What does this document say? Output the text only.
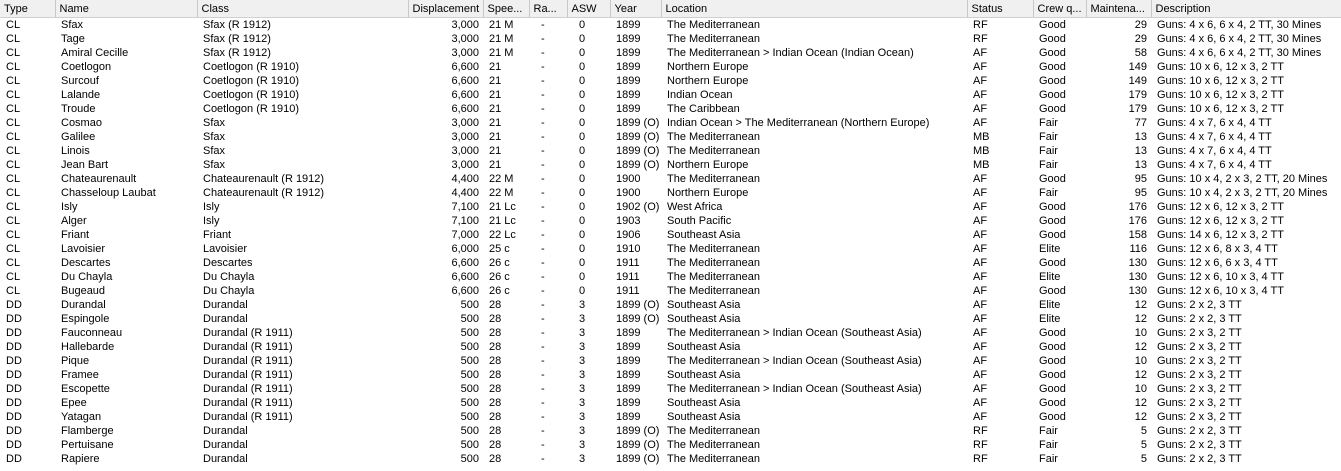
Type	Name	Class	Displacement	Spee...	Ra...	ASW	Year	Location	Status	Crew q...	Maintena...	Description
CL	Sfax	Sfax (R 1912)	3,000	21 M	-	0	1899	The Mediterranean	RF	Good	29	Guns: 4 x 6, 6 x 4, 2 TT, 30 Mines
CL	Tage	Sfax (R 1912)	3,000	21 M	-	0	1899	The Mediterranean	RF	Good	29	Guns: 4 x 6, 6 x 4, 2 TT, 30 Mines
CL	Amiral Cecille	Sfax (R 1912)	3,000	21 M	-	0	1899	The Mediterranean > Indian Ocean (Indian Ocean)	AF	Good	58	Guns: 4 x 6, 6 x 4, 2 TT, 30 Mines
CL	Coetlogon	Coetlogon (R 1910)	6,600	21	-	0	1899	Northern Europe	AF	Good	149	Guns: 10 x 6, 12 x 3, 2 TT
CL	Surcouf	Coetlogon (R 1910)	6,600	21	-	0	1899	Northern Europe	AF	Good	149	Guns: 10 x 6, 12 x 3, 2 TT
CL	Lalande	Coetlogon (R 1910)	6,600	21	-	0	1899	Indian Ocean	AF	Good	179	Guns: 10 x 6, 12 x 3, 2 TT
CL	Troude	Coetlogon (R 1910)	6,600	21	-	0	1899	The Caribbean	AF	Good	179	Guns: 10 x 6, 12 x 3, 2 TT
CL	Cosmao	Sfax	3,000	21	-	0	1899 (O)	Indian Ocean > The Mediterranean (Northern Europe)	AF	Fair	77	Guns: 4 x 7, 6 x 4, 4 TT
CL	Galilee	Sfax	3,000	21	-	0	1899 (O)	The Mediterranean	MB	Fair	13	Guns: 4 x 7, 6 x 4, 4 TT
CL	Linois	Sfax	3,000	21	-	0	1899 (O)	The Mediterranean	MB	Fair	13	Guns: 4 x 7, 6 x 4, 4 TT
CL	Jean Bart	Sfax	3,000	21	-	0	1899 (O)	Northern Europe	MB	Fair	13	Guns: 4 x 7, 6 x 4, 4 TT
CL	Chateaurenault	Chateaurenault (R 1912)	4,400	22 M	-	0	1900	The Mediterranean	AF	Good	95	Guns: 10 x 4, 2 x 3, 2 TT, 20 Mines
CL	Chasseloup Laubat	Chateaurenault (R 1912)	4,400	22 M	-	0	1900	Northern Europe	AF	Fair	95	Guns: 10 x 4, 2 x 3, 2 TT, 20 Mines
CL	Isly	Isly	7,100	21 Lc	-	0	1902 (O)	West Africa	AF	Good	176	Guns: 12 x 6, 12 x 3, 2 TT
CL	Alger	Isly	7,100	21 Lc	-	0	1903	South Pacific	AF	Good	176	Guns: 12 x 6, 12 x 3, 2 TT
CL	Friant	Friant	7,000	22 Lc	-	0	1906	Southeast Asia	AF	Good	158	Guns: 14 x 6, 12 x 3, 2 TT
CL	Lavoisier	Lavoisier	6,000	25 c	-	0	1910	The Mediterranean	AF	Elite	116	Guns: 12 x 6, 8 x 3, 4 TT
CL	Descartes	Descartes	6,600	26 c	-	0	1911	The Mediterranean	AF	Good	130	Guns: 12 x 6, 6 x 3, 4 TT
CL	Du Chayla	Du Chayla	6,600	26 c	-	0	1911	The Mediterranean	AF	Elite	130	Guns: 12 x 6, 10 x 3, 4 TT
CL	Bugeaud	Du Chayla	6,600	26 c	-	0	1911	The Mediterranean	AF	Good	130	Guns: 12 x 6, 10 x 3, 4 TT
DD	Durandal	Durandal	500	28	-	3	1899 (O)	Southeast Asia	AF	Elite	12	Guns: 2 x 2, 3 TT
DD	Espingole	Durandal	500	28	-	3	1899 (O)	Southeast Asia	AF	Elite	12	Guns: 2 x 2, 3 TT
DD	Fauconneau	Durandal (R 1911)	500	28	-	3	1899	The Mediterranean > Indian Ocean (Southeast Asia)	AF	Good	10	Guns: 2 x 3, 2 TT
DD	Hallebarde	Durandal (R 1911)	500	28	-	3	1899	Southeast Asia	AF	Good	12	Guns: 2 x 3, 2 TT
DD	Pique	Durandal (R 1911)	500	28	-	3	1899	The Mediterranean > Indian Ocean (Southeast Asia)	AF	Good	10	Guns: 2 x 3, 2 TT
DD	Framee	Durandal (R 1911)	500	28	-	3	1899	Southeast Asia	AF	Good	12	Guns: 2 x 3, 2 TT
DD	Escopette	Durandal (R 1911)	500	28	-	3	1899	The Mediterranean > Indian Ocean (Southeast Asia)	AF	Good	10	Guns: 2 x 3, 2 TT
DD	Epee	Durandal (R 1911)	500	28	-	3	1899	Southeast Asia	AF	Good	12	Guns: 2 x 3, 2 TT
DD	Yatagan	Durandal (R 1911)	500	28	-	3	1899	Southeast Asia	AF	Good	12	Guns: 2 x 3, 2 TT
DD	Flamberge	Durandal	500	28	-	3	1899 (O)	The Mediterranean	RF	Fair	5	Guns: 2 x 2, 3 TT
DD	Pertuisane	Durandal	500	28	-	3	1899 (O)	The Mediterranean	RF	Fair	5	Guns: 2 x 2, 3 TT
DD	Rapiere	Durandal	500	28	-	3	1899 (O)	The Mediterranean	RF	Fair	5	Guns: 2 x 2, 3 TT
